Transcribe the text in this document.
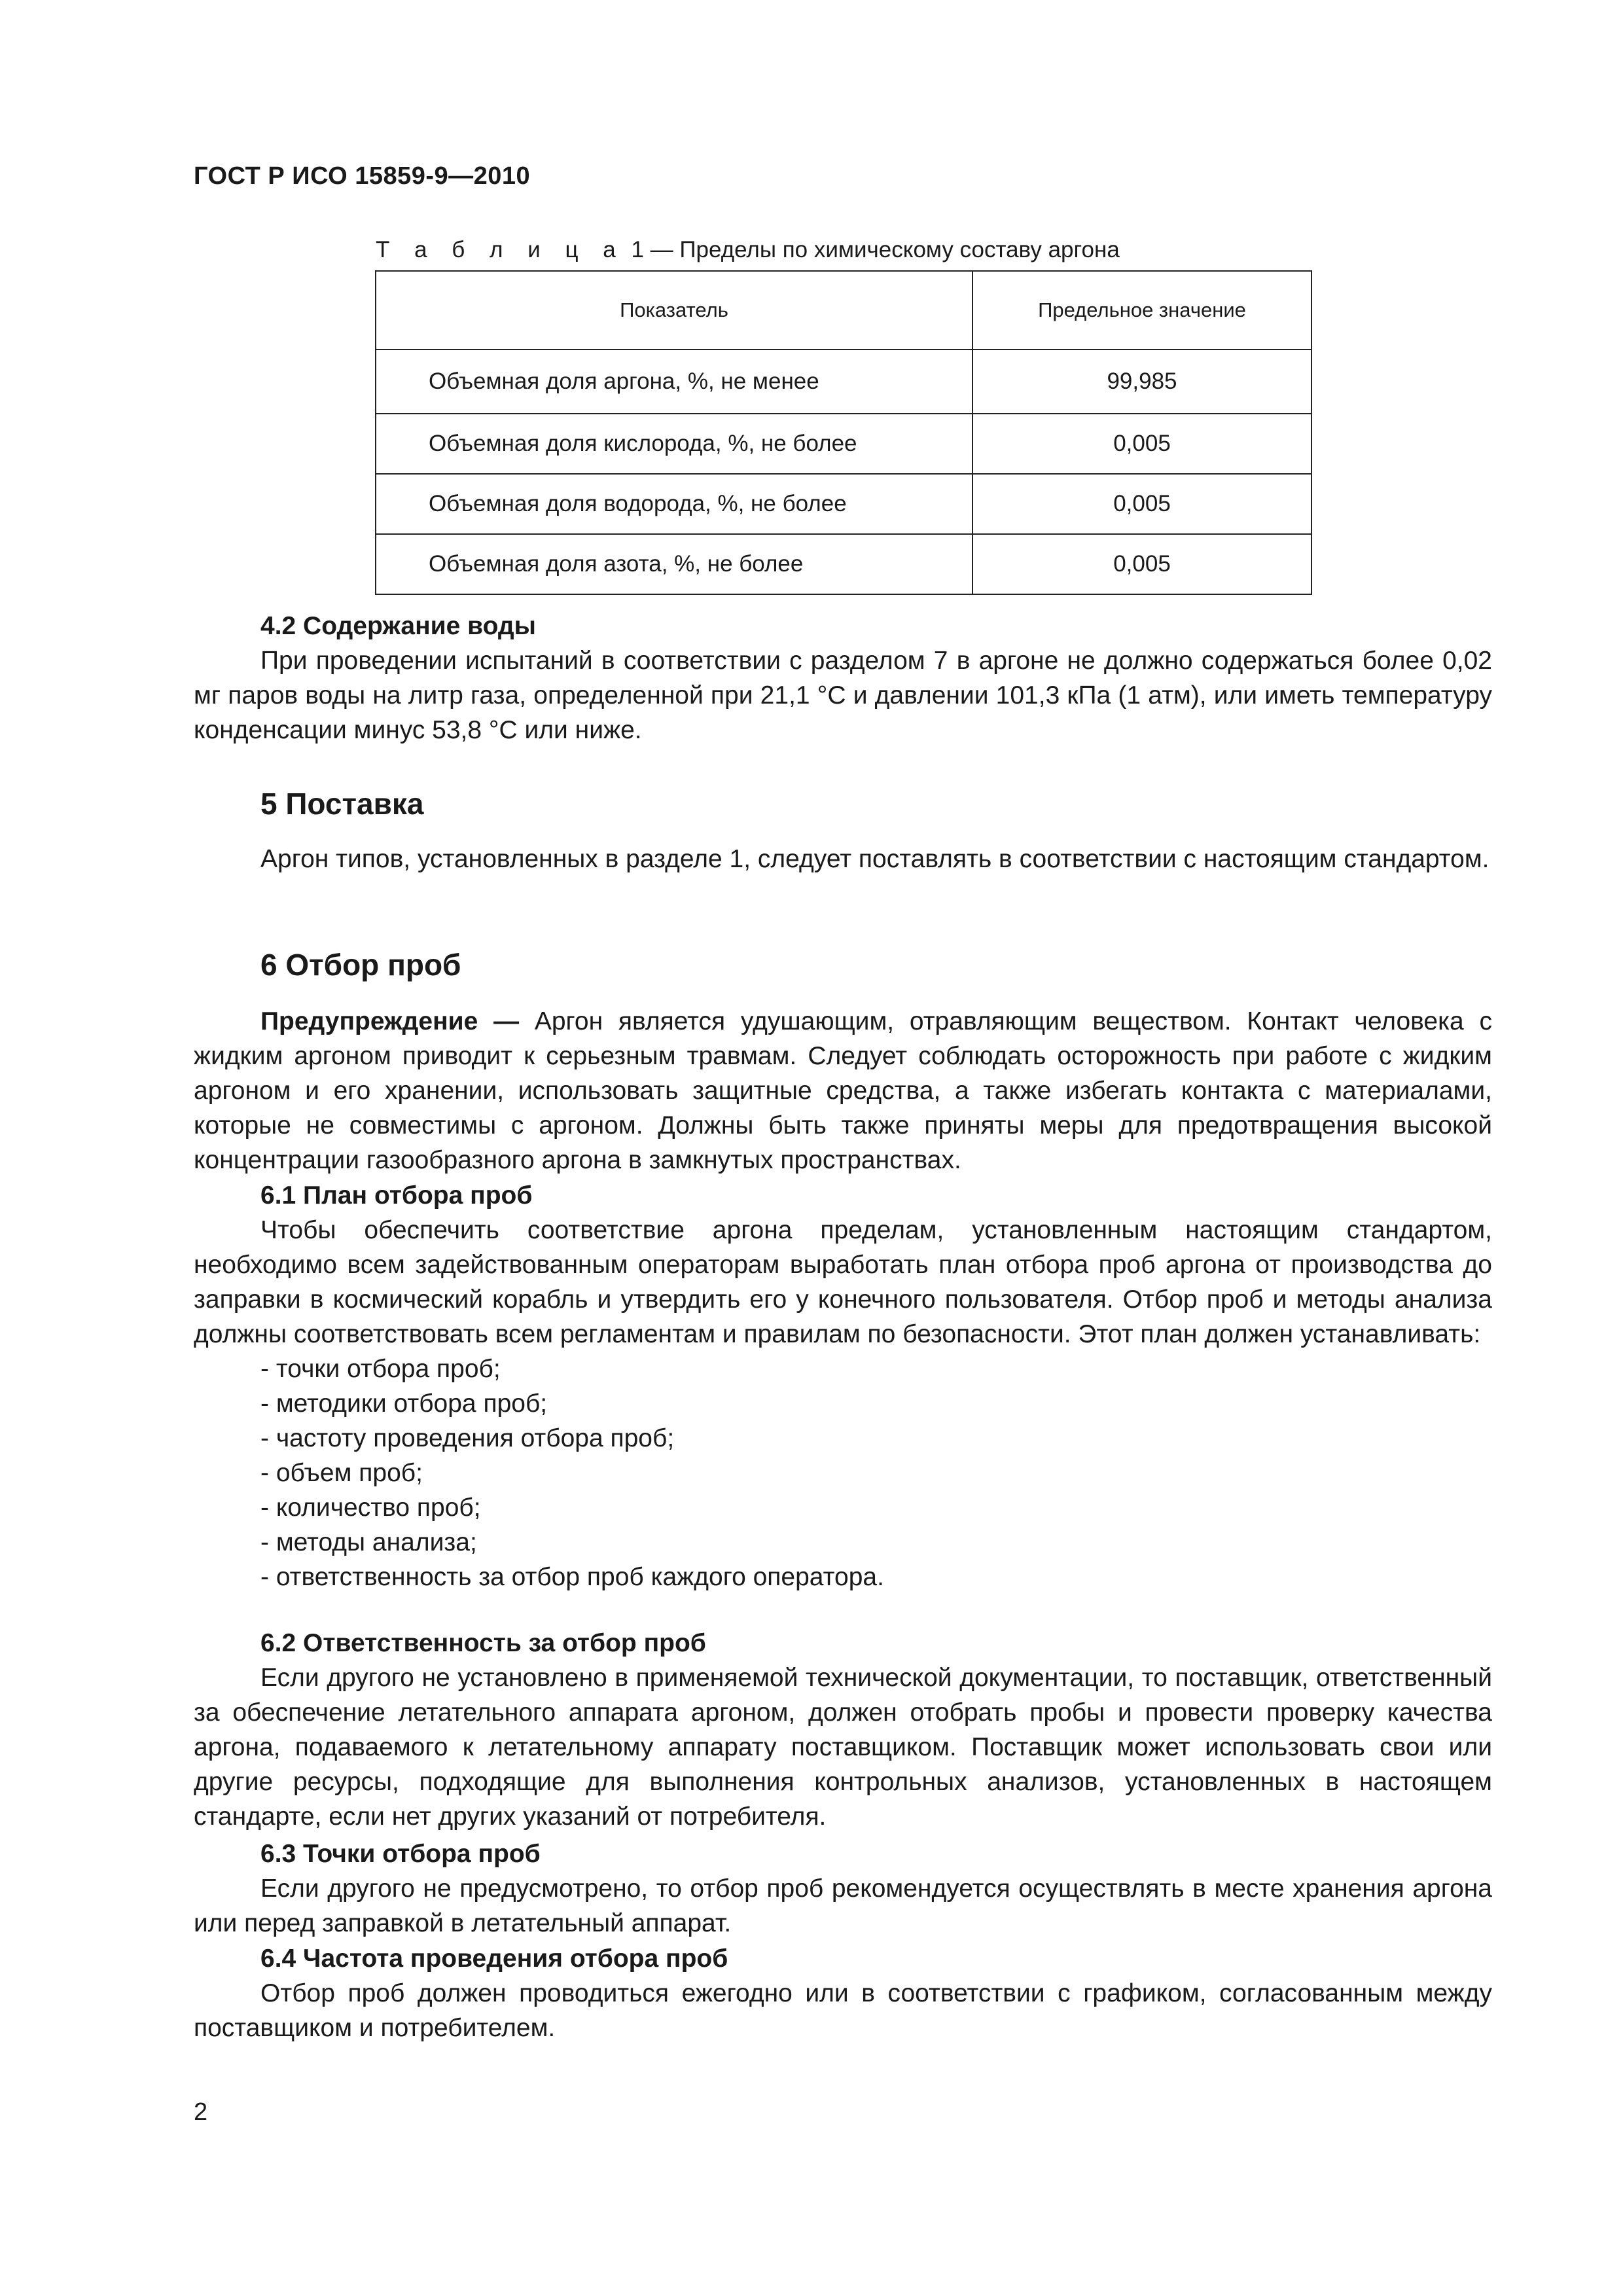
ГОСТ Р ИСО 15859-9—2010
Т а б л и ц а 1 — Пределы по химическому составу аргона
Показатель	Предельное значение
Объемная доля аргона, %, не менее	99,985
Объемная доля кислорода, %, не более	0,005
Объемная доля водорода, %, не более	0,005
Объемная доля азота, %, не более	0,005
4.2 Содержание воды

При проведении испытаний в соответствии с разделом 7 в аргоне не должно содержаться более 0,02 мг паров воды на литр газа, определенной при 21,1 °С и давлении 101,3 кПа (1 атм), или иметь температуру конденсации минус 53,8 °С или ниже.

5 Поставка

Аргон типов, установленных в разделе 1, следует поставлять в соответствии с настоящим стандартом.

6 Отбор проб

Предупреждение — Аргон является удушающим, отравляющим веществом. Контакт человека с жидким аргоном приводит к серьезным травмам. Следует соблюдать осторожность при работе с жидким аргоном и его хранении, использовать защитные средства, а также избегать контакта с материалами, которые не совместимы с аргоном. Должны быть также приняты меры для предотвращения высокой концентрации газообразного аргона в замкнутых пространствах.

6.1 План отбора проб

Чтобы обеспечить соответствие аргона пределам, установленным настоящим стандартом, необходимо всем задействованным операторам выработать план отбора проб аргона от производства до заправки в космический корабль и утвердить его у конечного пользователя. Отбор проб и методы анализа должны соответствовать всем регламентам и правилам по безопасности. Этот план должен устанавливать:

- точки отбора проб;
- методики отбора проб;
- частоту проведения отбора проб;
- объем проб;
- количество проб;
- методы анализа;
- ответственность за отбор проб каждого оператора.
6.2 Ответственность за отбор проб

Если другого не установлено в применяемой технической документации, то поставщик, ответственный за обеспечение летательного аппарата аргоном, должен отобрать пробы и провести проверку качества аргона, подаваемого к летательному аппарату поставщиком. Поставщик может использовать свои или другие ресурсы, подходящие для выполнения контрольных анализов, установленных в настоящем стандарте, если нет других указаний от потребителя.

6.3 Точки отбора проб

Если другого не предусмотрено, то отбор проб рекомендуется осуществлять в месте хранения аргона или перед заправкой в летательный аппарат.

6.4 Частота проведения отбора проб

Отбор проб должен проводиться ежегодно или в соответствии с графиком, согласованным между поставщиком и потребителем.

2
